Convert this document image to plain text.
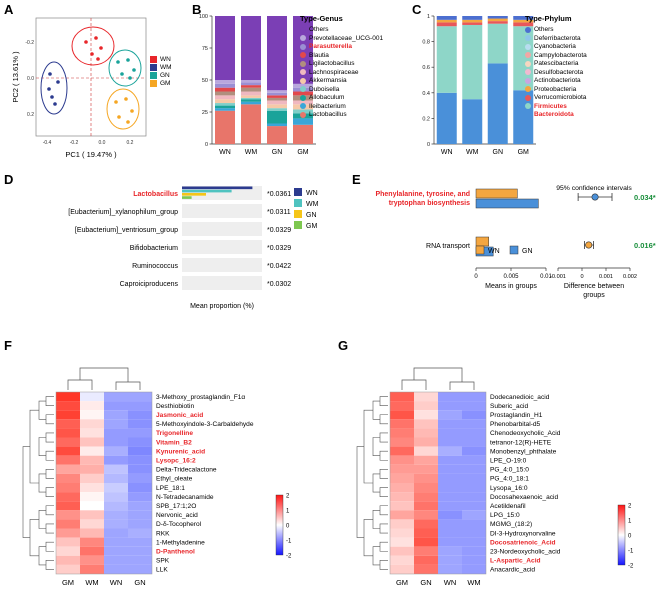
A
-0.4	-0.2	0.0	0.2
-0.2
0.0
0.2
PC1 ( 19.47% )
PC2 ( 13.61% )	WN
WM
GN
GM
B
0
25
50
75
100
WN WM GN GM
Type-Genus
Others
Prevotellaceae_UCG-001
Parasutterella
Blautia
Ligilactobacillus
Lachnospiraceae
Akkermansia
Duboisella
Allobaculum
Ileibacterium
Lactobacillus
C
0
0.2
0.4
0.6
0.8
1
WN WM GN GM
Type-Phylum
Others
Deferribacterota
Cyanobacteria
Campylobacterota
Patescibacteria
Desulfobacterota
Actinobacteriota
Proteobacteria
Verrucomicrobiota
Firmicutes
Bacteroidota
D
Lactobacillus	*0.0361
[Eubacterium]_xylanophilum_group	*0.0311
[Eubacterium]_ventriosum_group	*0.0329
Bifidobacterium	*0.0329
Ruminococcus	*0.0422
Caproiciproducens	*0.0302
Mean proportion (%)
WN
WM
GN
GM
E
Phenylalanine, tyrosine, and
tryptophan biosynthesis
0.034*
RNA transport	0.016*
0	0.005	0.01
Means in groups
-0.001	0	0.001 0.002
Difference between
groups
95% confidence intervals
WN	GN
F
3-Methoxy_prostaglandin_F1α
Desthiobiotin
Jasmonic_acid
5-Methoxyindole-3-Carbaldehyde
Trigonelline
Vitamin_B2
Kynurenic_acid
Lysopc_16:2
Delta-Tridecalactone
Ethyl_oleate
LPE_18:1
N-Tetradecanamide
SPB_17:1;2O
Nervonic_acid
D-δ-Tocopherol
RKK
1-Methyladenine
D-Panthenol
SPK
LLK
GM WM WN GN
2
1
0
-1
-2
G
Dodecanedioic_acid
Suberic_acid
Prostaglandin_H1
Phenobarbital-d5
Chenodeoxycholic_Acid
tetranor-12(R)-HETE
Monobenzyl_phthalate
LPE_O-19:0
PG_4:0_15:0
PG_4:0_18:1
Lysopa_16:0
Docosahexaenoic_acid
Acetildenafil
LPG_15:0
MGMG_(18:2)
DI-3-Hydroxynorvaline
Docosatrienoic_Acid
23-Nordeoxycholic_acid
L-Aspartic_Acid
Anacardic_acid
GM GN WN WM
2
1
0
-1
-2
